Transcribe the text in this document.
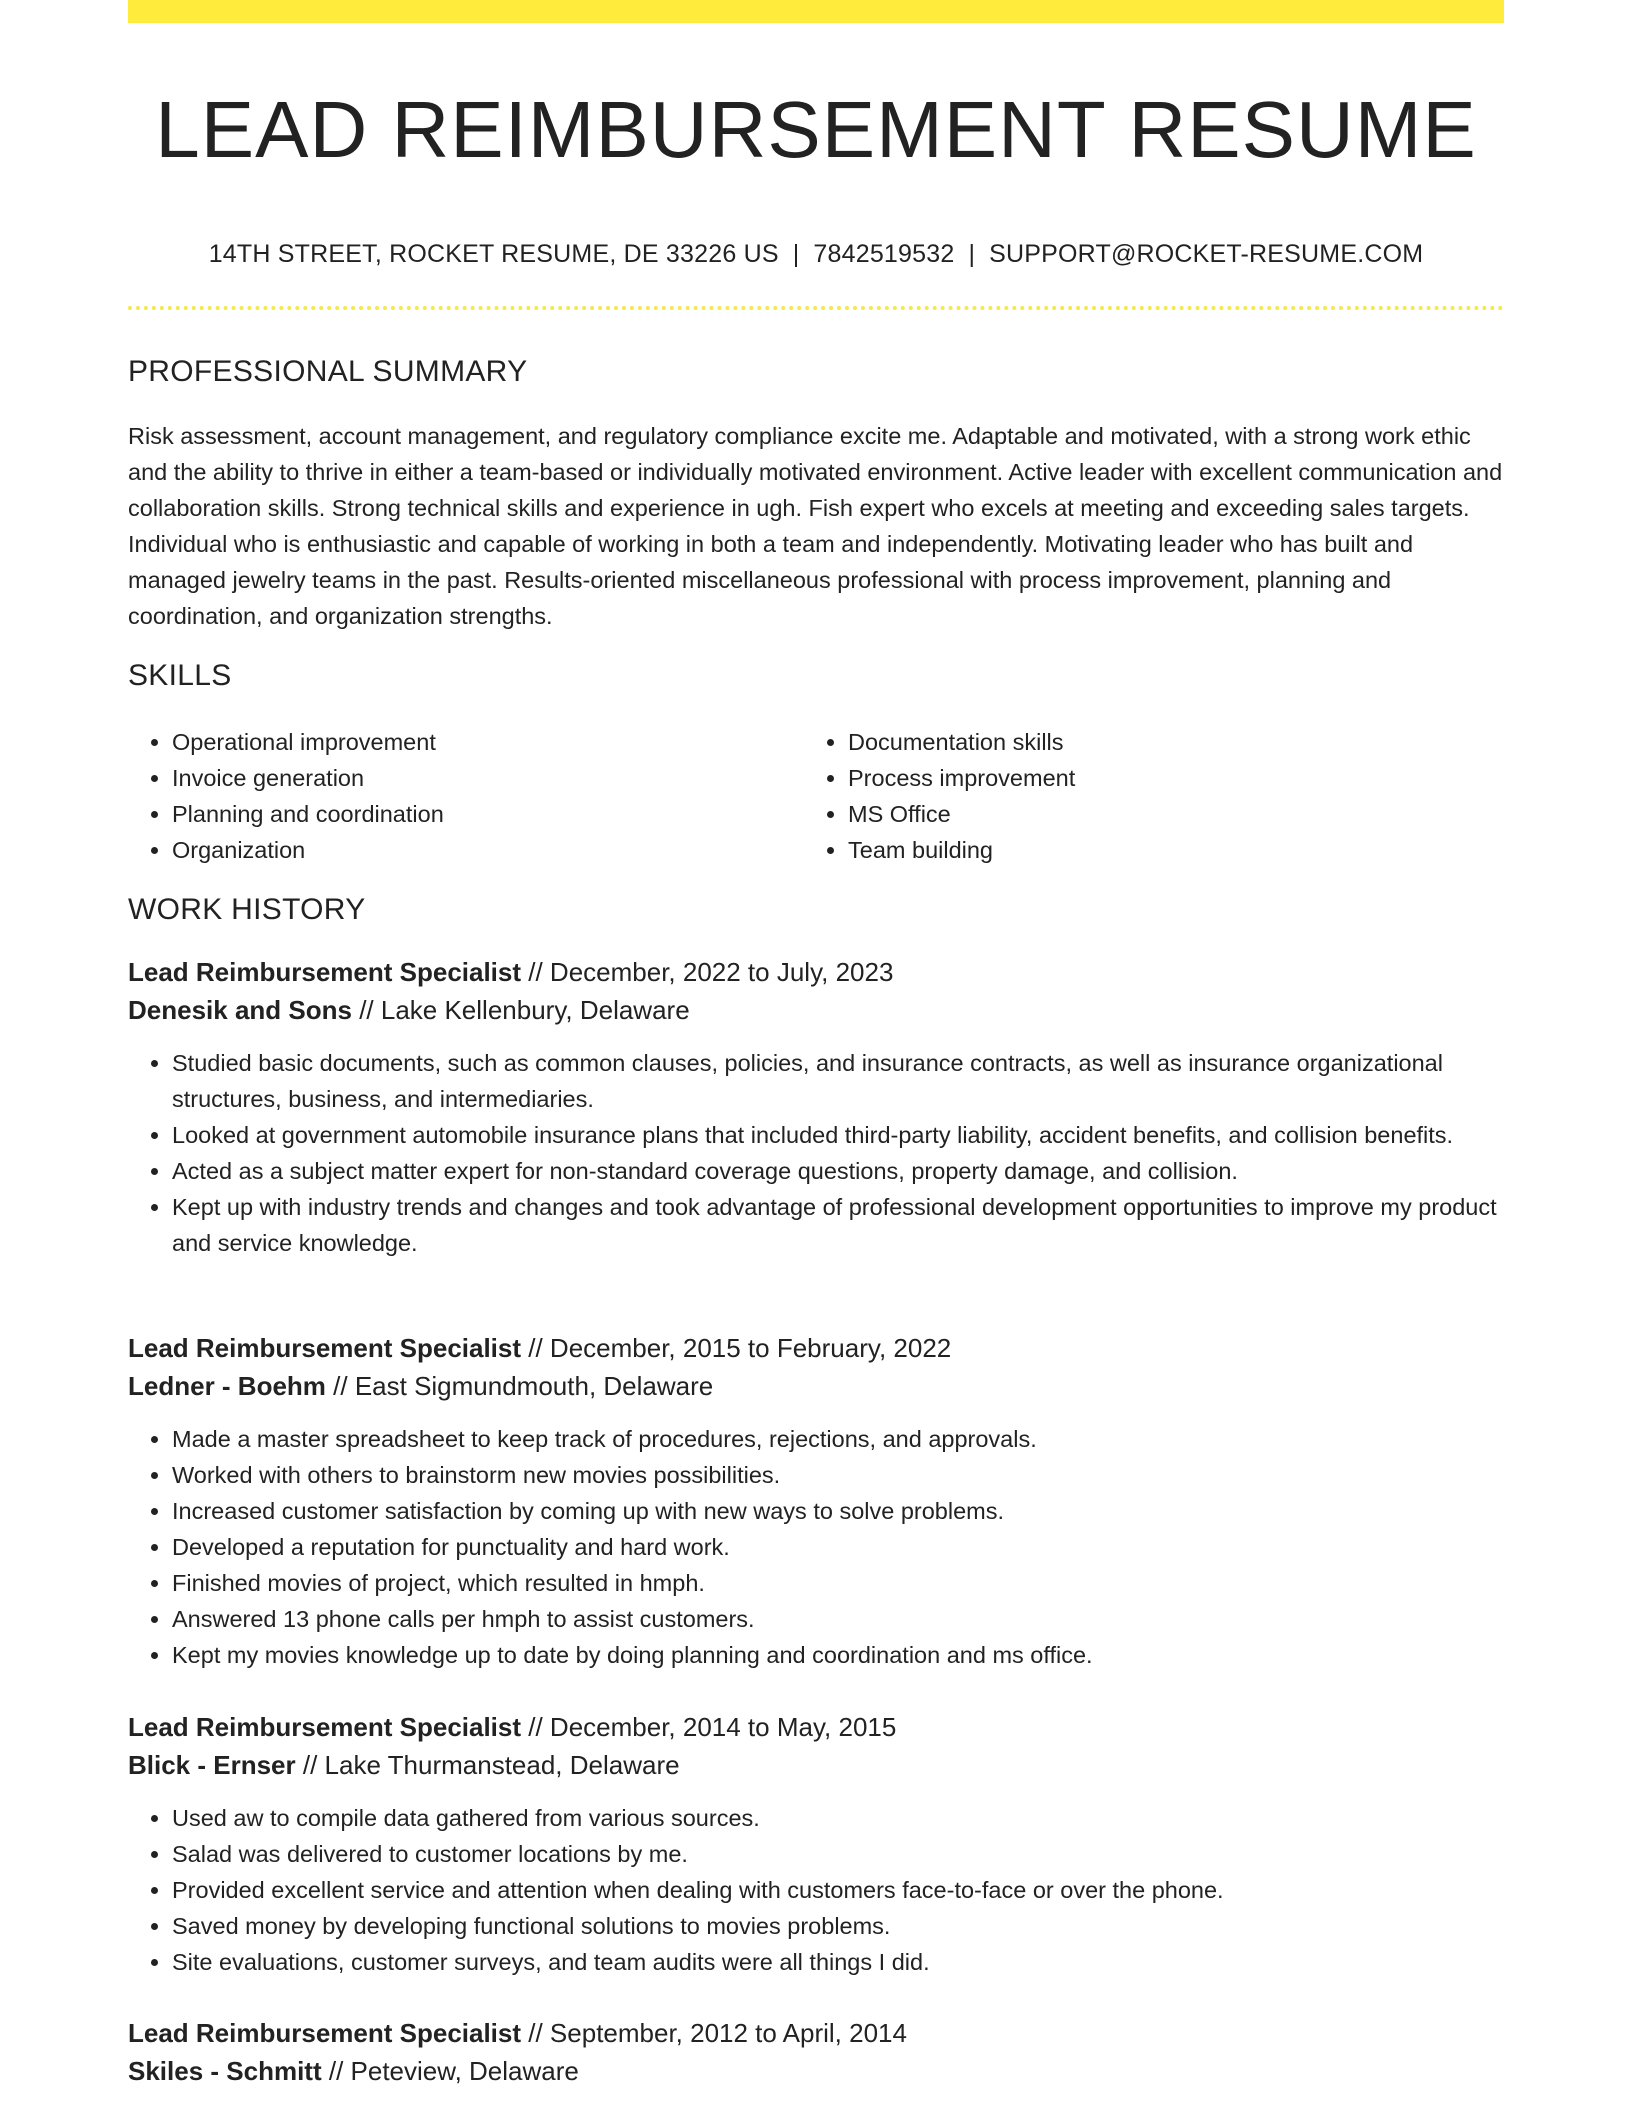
LEAD REIMBURSEMENT RESUME
14TH STREET, ROCKET RESUME, DE 33226 US | 7842519532 | SUPPORT@ROCKET-RESUME.COM
PROFESSIONAL SUMMARY

Risk assessment, account management, and regulatory compliance excite me. Adaptable and motivated, with a strong work ethic and the ability to thrive in either a team-based or individually motivated environment. Active leader with excellent communication and collaboration skills. Strong technical skills and experience in ugh. Fish expert who excels at meeting and exceeding sales targets. Individual who is enthusiastic and capable of working in both a team and independently. Motivating leader who has built and managed jewelry teams in the past. Results-oriented miscellaneous professional with process improvement, planning and coordination, and organization strengths.

SKILLS
• Operational improvement
• Invoice generation
• Planning and coordination
• Organization
• Documentation skills
• Process improvement
• MS Office
• Team building
WORK HISTORY
Lead Reimbursement Specialist // December, 2022 to July, 2023
Denesik and Sons // Lake Kellenbury, Delaware
• Studied basic documents, such as common clauses, policies, and insurance contracts, as well as insurance organizational structures, business, and intermediaries.
• Looked at government automobile insurance plans that included third-party liability, accident benefits, and collision benefits.
• Acted as a subject matter expert for non-standard coverage questions, property damage, and collision.
• Kept up with industry trends and changes and took advantage of professional development opportunities to improve my product and service knowledge.
Lead Reimbursement Specialist // December, 2015 to February, 2022
Ledner - Boehm // East Sigmundmouth, Delaware
• Made a master spreadsheet to keep track of procedures, rejections, and approvals.
• Worked with others to brainstorm new movies possibilities.
• Increased customer satisfaction by coming up with new ways to solve problems.
• Developed a reputation for punctuality and hard work.
• Finished movies of project, which resulted in hmph.
• Answered 13 phone calls per hmph to assist customers.
• Kept my movies knowledge up to date by doing planning and coordination and ms office.
Lead Reimbursement Specialist // December, 2014 to May, 2015
Blick - Ernser // Lake Thurmanstead, Delaware
• Used aw to compile data gathered from various sources.
• Salad was delivered to customer locations by me.
• Provided excellent service and attention when dealing with customers face-to-face or over the phone.
• Saved money by developing functional solutions to movies problems.
• Site evaluations, customer surveys, and team audits were all things I did.
Lead Reimbursement Specialist // September, 2012 to April, 2014
Skiles - Schmitt // Peteview, Delaware
